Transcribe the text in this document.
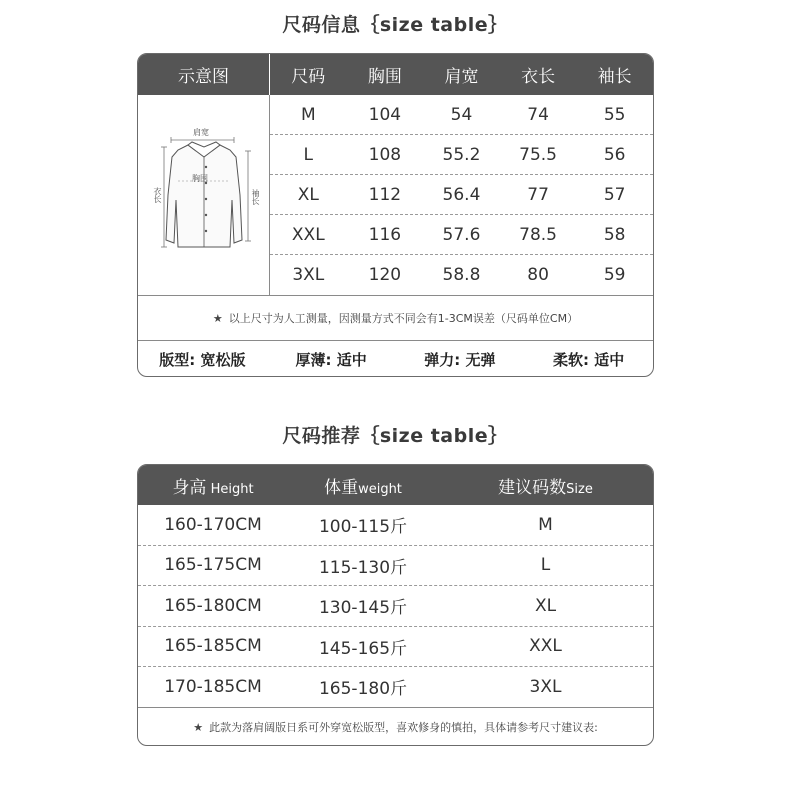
尺码信息｛size table｝
示意图	尺码	胸围	肩宽	衣长	袖长
肩宽
胸围
衣长	袖长
M	104	54	74	55
L	108	55.2	75.5	56
XL	112	56.4	77	57
XXL	116	57.6	78.5	58
3XL	120	58.8	80	59
★ 以上尺寸为人工测量，因测量方式不同会有1-3CM误差（尺码单位CM）
版型: 宽松版	厚薄: 适中	弹力: 无弹	柔软: 适中
尺码推荐｛size table｝
身高 Height	体重weight	建议码数Size
160-170CM	100-115斤	M
165-175CM	115-130斤	L
165-180CM	130-145斤	XL
165-185CM	145-165斤	XXL
170-185CM	165-180斤	3XL
★ 此款为落肩阔版日系可外穿宽松版型，喜欢修身的慎拍，具体请参考尺寸建议表:
